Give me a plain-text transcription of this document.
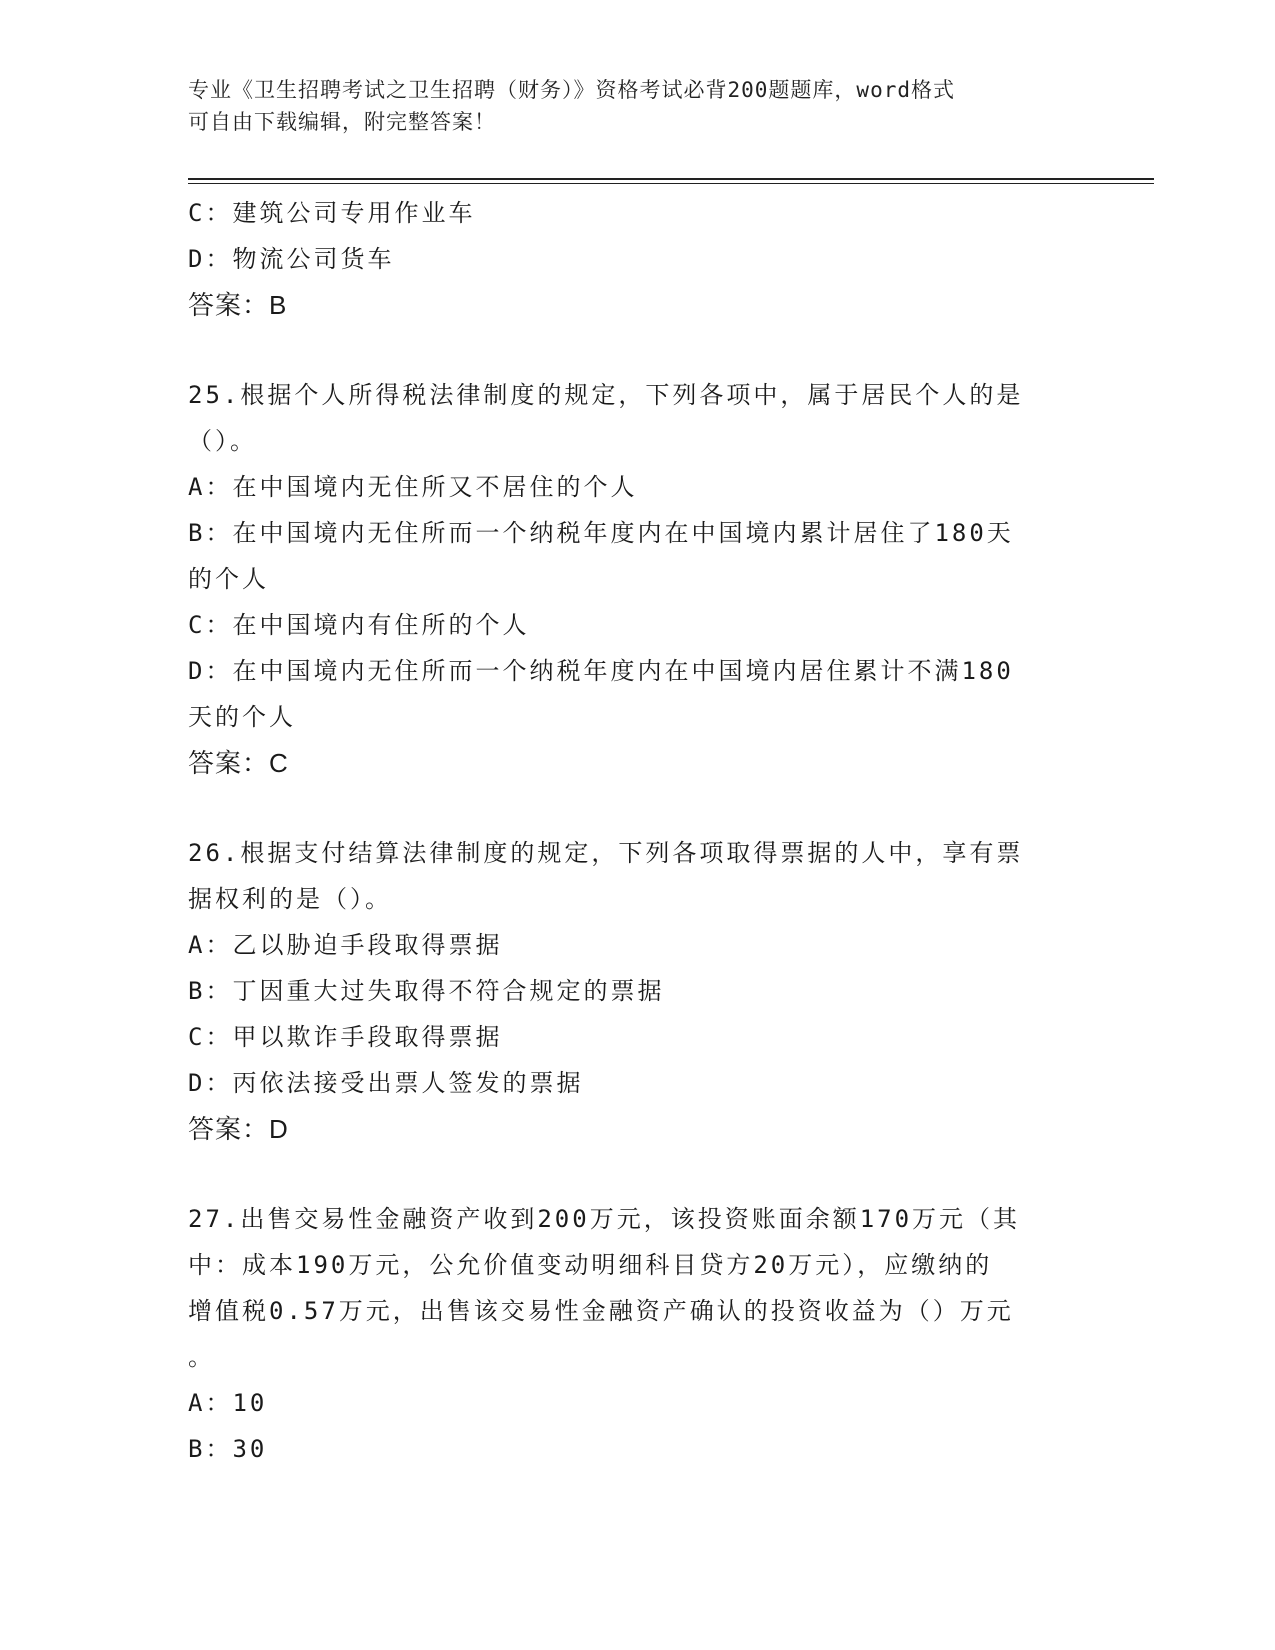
专业《卫生招聘考试之卫生招聘（财务）》资格考试必背200题题库，word格式
可自由下载编辑，附完整答案！
C：建筑公司专用作业车
D：物流公司货车
答案：B
25.根据个人所得税法律制度的规定，下列各项中，属于居民个人的是
（）。
A：在中国境内无住所又不居住的个人
B：在中国境内无住所而一个纳税年度内在中国境内累计居住了180天
的个人
C：在中国境内有住所的个人
D：在中国境内无住所而一个纳税年度内在中国境内居住累计不满180
天的个人
答案：C
26.根据支付结算法律制度的规定，下列各项取得票据的人中，享有票
据权利的是（）。
A：乙以胁迫手段取得票据
B：丁因重大过失取得不符合规定的票据
C：甲以欺诈手段取得票据
D：丙依法接受出票人签发的票据
答案：D
27.出售交易性金融资产收到200万元，该投资账面余额170万元（其
中：成本190万元，公允价值变动明细科目贷方20万元），应缴纳的
增值税0.57万元，出售该交易性金融资产确认的投资收益为（）万元
。
A：10
B：30
